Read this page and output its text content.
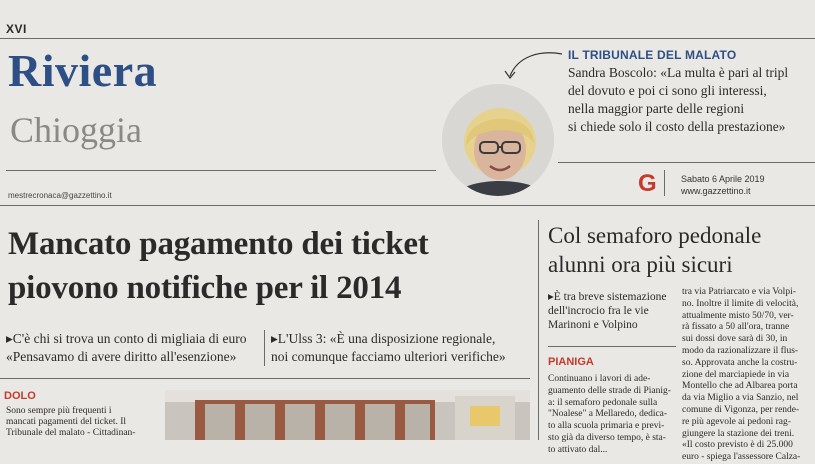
XVI
Riviera
Chioggia
mestrecronaca@gazzettino.it
IL TRIBUNALE DEL MALATO
Sandra Boscolo: «La multa è pari al tripl
del dovuto e poi ci sono gli interessi,
nella maggior parte delle regioni
si chiede solo il costo della prestazione»
G	Sabato 6 Aprile 2019
www.gazzettino.it
Mancato pagamento dei ticket
piovono notifiche per il 2014
▸C'è chi si trova un conto di migliaia di euro
«Pensavamo di avere diritto all'esenzione»
▸L'Ulss 3: «È una disposizione regionale,
noi comunque facciamo ulteriori verifiche»
DOLO
Sono sempre più frequenti i
mancati pagamenti del ticket. Il
Tribunale del malato - Cittadinan-
Col semaforo pedonale
alunni ora più sicuri
▸È tra breve sistemazione
dell'incrocio fra le vie
Marinoni e Volpino
PIANIGA
Continuano i lavori di ade-
guamento delle strade di Pianig-
a: il semaforo pedonale sulla
"Noalese" a Mellaredo, dedica-
to alla scuola primaria e previ-
sto già da diverso tempo, è sta-
to attivato dal...
tra via Patriarcato e via Volpi-
no. Inoltre il limite di velocità,
attualmente misto 50/70, ver-
rà fissato a 50 all'ora, tranne
sui dossi dove sarà di 30, in
modo da razionalizzare il flus-
so. Approvata anche la costru-
zione del marciapiede in via
Montello che ad Albarea porta
da via Miglio a via Sanzio, nel
comune di Vigonza, per rende-
re più agevole ai pedoni rag-
giungere la stazione dei treni.
«Il costo previsto è di 25.000
euro - spiega l'assessore Calza-
